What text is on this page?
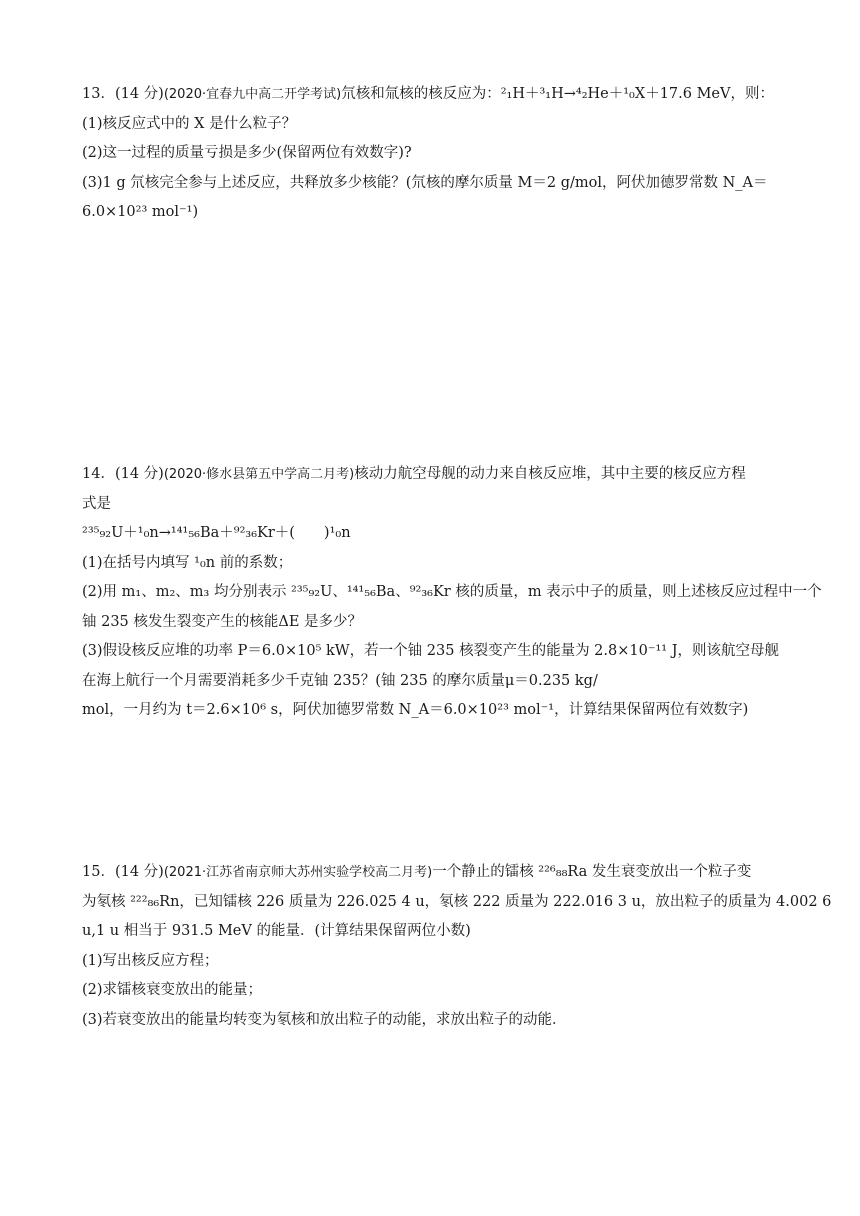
13．(14 分)(2020·宜春九中高二开学考试)氘核和氚核的核反应为：²₁H＋³₁H→⁴₂He＋¹₀X＋17.6 MeV，则：
(1)核反应式中的 X 是什么粒子？
(2)这一过程的质量亏损是多少(保留两位有效数字)?
(3)1 g 氘核完全参与上述反应，共释放多少核能？(氘核的摩尔质量 M＝2 g/mol，阿伏加德罗常数 N_A＝
6.0×10²³ mol⁻¹)
14．(14 分)(2020·修水县第五中学高二月考)核动力航空母舰的动力来自核反应堆，其中主要的核反应方程
式是
²³⁵₉₂U＋¹₀n→¹⁴¹₅₆Ba＋⁹²₃₆Kr＋(　　)¹₀n
(1)在括号内填写 ¹₀n 前的系数；
(2)用 m₁、m₂、m₃ 均分别表示 ²³⁵₉₂U、¹⁴¹₅₆Ba、⁹²₃₆Kr 核的质量，m 表示中子的质量，则上述核反应过程中一个
铀 235 核发生裂变产生的核能ΔE 是多少？
(3)假设核反应堆的功率 P＝6.0×10⁵ kW，若一个铀 235 核裂变产生的能量为 2.8×10⁻¹¹ J，则该航空母舰
在海上航行一个月需要消耗多少千克铀 235？(铀 235 的摩尔质量μ＝0.235 kg/
mol，一月约为 t＝2.6×10⁶ s，阿伏加德罗常数 N_A＝6.0×10²³ mol⁻¹，计算结果保留两位有效数字)
15．(14 分)(2021·江苏省南京师大苏州实验学校高二月考)一个静止的镭核 ²²⁶₈₈Ra 发生衰变放出一个粒子变
为氡核 ²²²₈₆Rn，已知镭核 226 质量为 226.025 4 u，氡核 222 质量为 222.016 3 u，放出粒子的质量为 4.002 6
u,1 u 相当于 931.5 MeV 的能量．(计算结果保留两位小数)
(1)写出核反应方程；
(2)求镭核衰变放出的能量；
(3)若衰变放出的能量均转变为氡核和放出粒子的动能，求放出粒子的动能．
